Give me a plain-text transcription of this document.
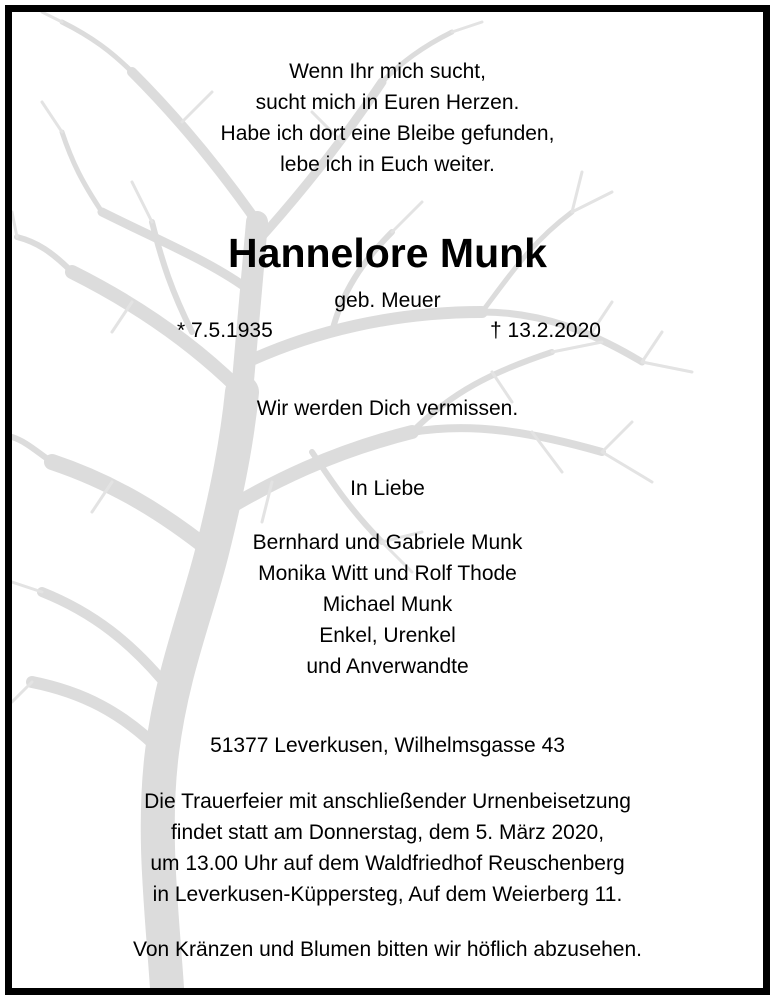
Wenn Ihr mich sucht,

sucht mich in Euren Herzen.

Habe ich dort eine Bleibe gefunden,

lebe ich in Euch weiter.

Hannelore Munk

geb. Meuer

* 7.5.1935	† 13.2.2020

Wir werden Dich vermissen.

In Liebe

Bernhard und Gabriele Munk

Monika Witt und Rolf Thode

Michael Munk

Enkel, Urenkel

und Anverwandte

51377 Leverkusen, Wilhelmsgasse 43

Die Trauerfeier mit anschließender Urnenbeisetzung

findet statt am Donnerstag, dem 5. März 2020,

um 13.00 Uhr auf dem Waldfriedhof Reuschenberg

in Leverkusen-Küppersteg, Auf dem Weierberg 11.

Von Kränzen und Blumen bitten wir höflich abzusehen.
